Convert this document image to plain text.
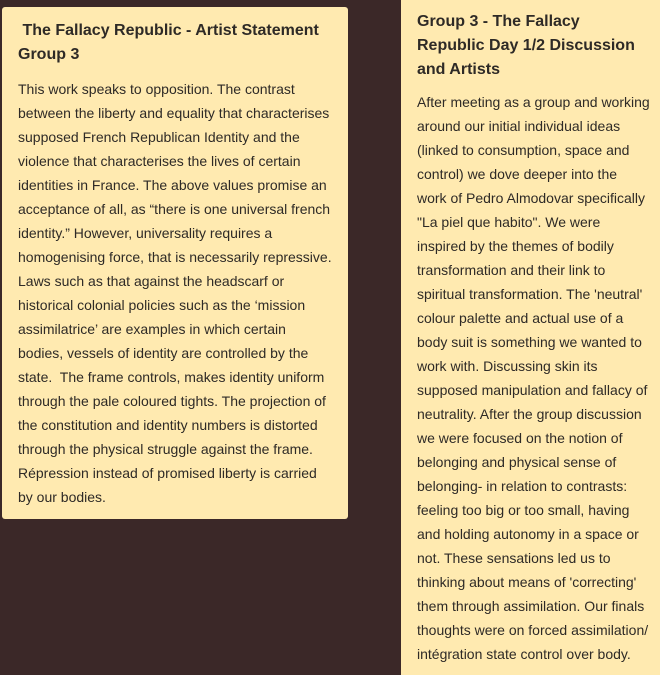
The Fallacy Republic - Artist Statement Group 3

This work speaks to opposition. The contrast between the liberty and equality that characterises supposed French Republican Identity and the violence that characterises the lives of certain identities in France. The above values promise an acceptance of all, as “there is one universal french identity.” However, universality requires a homogenising force, that is necessarily repressive. Laws such as that against the headscarf or historical colonial policies such as the ‘mission assimilatrice’ are examples in which certain bodies, vessels of identity are controlled by the state.  The frame controls, makes identity uniform through the pale coloured tights. The projection of the constitution and identity numbers is distorted through the physical struggle against the frame. Répression instead of promised liberty is carried by our bodies.

Group 3 - The Fallacy Republic Day 1/2 Discussion and Artists

After meeting as a group and working around our initial individual ideas  (linked to consumption, space and control) we dove deeper into the work of Pedro Almodovar specifically "La piel que habito". We were inspired by the themes of bodily transformation and their link to spiritual transformation. The 'neutral' colour palette and actual use of a body suit is something we wanted to work with. Discussing skin its supposed manipulation and fallacy of neutrality. After the group discussion we were focused on the notion of belonging and physical sense of belonging- in relation to contrasts: feeling too big or too small, having and holding autonomy in a space or not. These sensations led us to thinking about means of 'correcting' them through assimilation. Our finals thoughts were on forced assimilation/ intégration state control over body.
